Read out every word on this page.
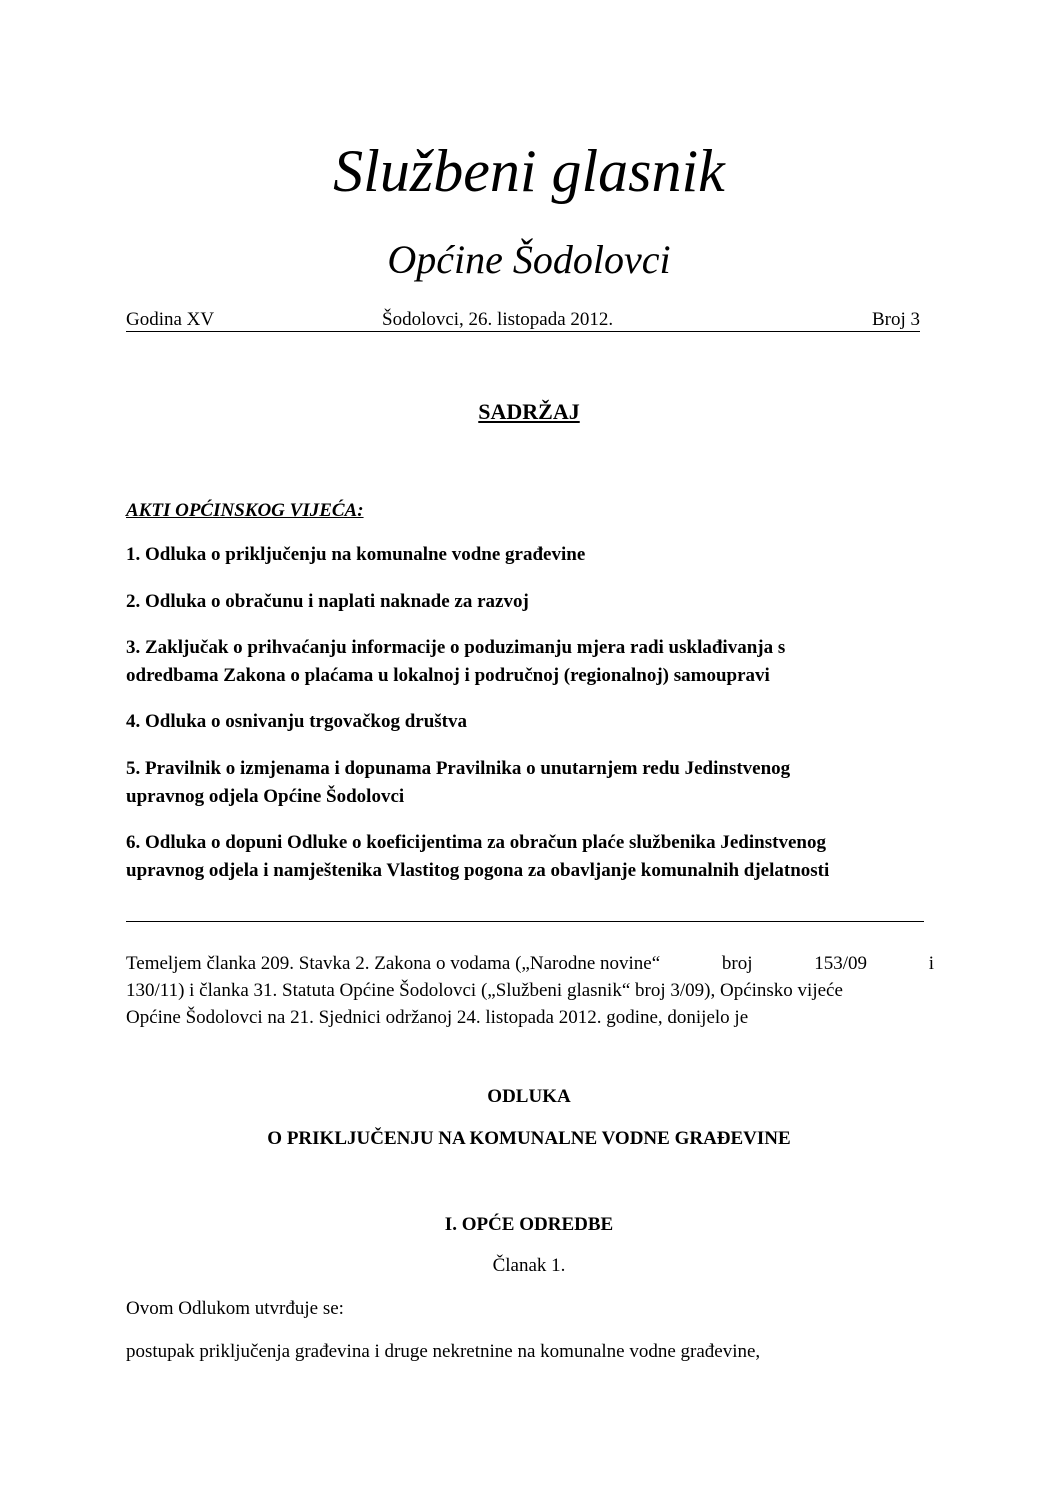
Službeni glasnik
Općine Šodolovci
Godina XV	Šodolovci, 26. listopada 2012.	Broj 3
SADRŽAJ
AKTI OPĆINSKOG VIJEĆA:
1. Odluka o priključenju na komunalne vodne građevine
2. Odluka o obračunu i naplati naknade za razvoj
3. Zaključak o prihvaćanju informacije o poduzimanju mjera radi usklađivanja s
odredbama Zakona o plaćama u lokalnoj i područnoj (regionalnoj) samoupravi
4. Odluka o osnivanju trgovačkog društva
5. Pravilnik o izmjenama i dopunama Pravilnika o unutarnjem redu Jedinstvenog
upravnog odjela Općine Šodolovci
6. Odluka o dopuni Odluke o koeficijentima za obračun plaće službenika Jedinstvenog
upravnog odjela i namještenika Vlastitog pogona za obavljanje komunalnih djelatnosti
Temeljem članka 209. Stavka 2. Zakona o vodama („Narodne novine“	broj	153/09	i
130/11) i članka 31. Statuta Općine Šodolovci („Službeni glasnik“ broj 3/09), Općinsko vijeće
Općine Šodolovci na 21. Sjednici održanoj 24. listopada 2012. godine, donijelo je
ODLUKA
O PRIKLJUČENJU NA KOMUNALNE VODNE GRAĐEVINE
I. OPĆE ODREDBE
Članak 1.
Ovom Odlukom utvrđuje se:
postupak priključenja građevina i druge nekretnine na komunalne vodne građevine,
